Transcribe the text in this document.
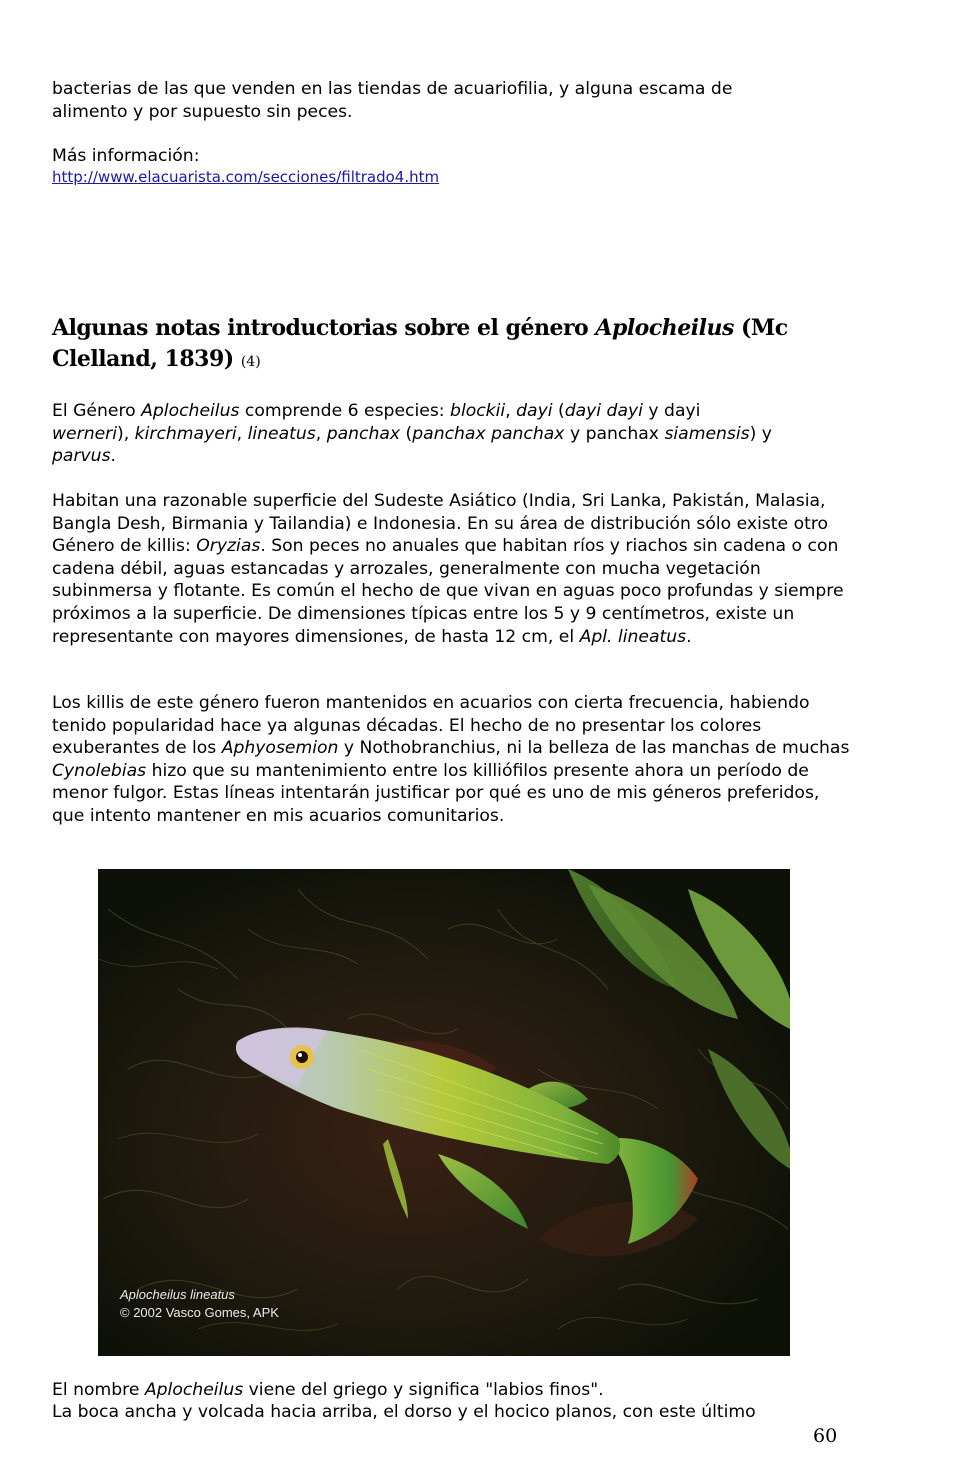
bacterias de las que venden en las tiendas de acuariofilia, y alguna escama de

alimento y por supuesto sin peces.

Más información:
http://www.elacuarista.com/secciones/filtrado4.htm
Algunas notas introductorias sobre el género Aplocheilus (Mc Clelland, 1839) (4)

El Género Aplocheilus comprende 6 especies: blockii, dayi (dayi dayi y dayi
werneri), kirchmayeri, lineatus, panchax (panchax panchax y panchax siamensis) y
parvus.

Habitan una razonable superficie del Sudeste Asiático (India, Sri Lanka, Pakistán, Malasia, Bangla Desh, Birmania y Tailandia) e Indonesia. En su área de distribución sólo existe otro Género de killis: Oryzias. Son peces no anuales que habitan ríos y riachos sin cadena o con cadena débil, aguas estancadas y arrozales, generalmente con mucha vegetación subinmersa y flotante. Es común el hecho de que vivan en aguas poco profundas y siempre próximos a la superficie. De dimensiones típicas entre los 5 y 9 centímetros, existe un representante con mayores dimensiones, de hasta 12 cm, el Apl. lineatus.

Los killis de este género fueron mantenidos en acuarios con cierta frecuencia, habiendo tenido popularidad hace ya algunas décadas. El hecho de no presentar los colores exuberantes de los Aphyosemion y Nothobranchius, ni la belleza de las manchas de muchas Cynolebias hizo que su mantenimiento entre los killiófilos presente ahora un período de menor fulgor. Estas líneas intentarán justificar por qué es uno de mis géneros preferidos, que intento mantener en mis acuarios comunitarios.

Aplocheilus lineatus
© 2002 Vasco Gomes, APK

El nombre Aplocheilus viene del griego y significa "labios finos".

La boca ancha y volcada hacia arriba, el dorso y el hocico planos, con este último

60
